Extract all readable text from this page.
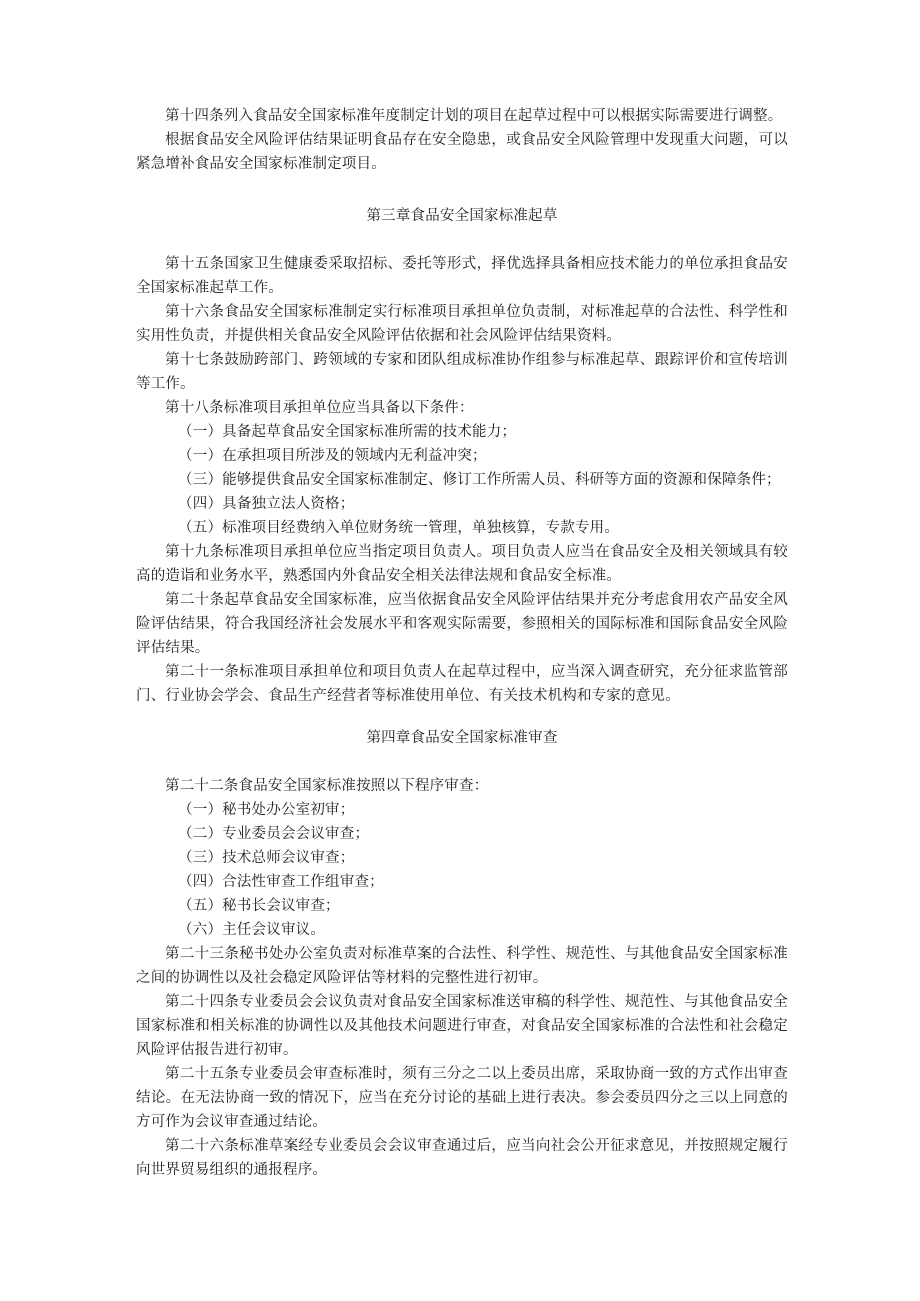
第十四条列入食品安全国家标准年度制定计划的项目在起草过程中可以根据实际需要进行调整。

根据食品安全风险评估结果证明食品存在安全隐患，或食品安全风险管理中发现重大问题，可以紧急增补食品安全国家标准制定项目。

第三章食品安全国家标准起草

第十五条国家卫生健康委采取招标、委托等形式，择优选择具备相应技术能力的单位承担食品安全国家标准起草工作。

第十六条食品安全国家标准制定实行标准项目承担单位负责制，对标准起草的合法性、科学性和实用性负责，并提供相关食品安全风险评估依据和社会风险评估结果资料。

第十七条鼓励跨部门、跨领域的专家和团队组成标准协作组参与标准起草、跟踪评价和宣传培训等工作。

第十八条标准项目承担单位应当具备以下条件：

（一）具备起草食品安全国家标准所需的技术能力；

（一）在承担项目所涉及的领域内无利益冲突；

（三）能够提供食品安全国家标准制定、修订工作所需人员、科研等方面的资源和保障条件；

（四）具备独立法人资格；

（五）标准项目经费纳入单位财务统一管理，单独核算，专款专用。

第十九条标准项目承担单位应当指定项目负责人。项目负责人应当在食品安全及相关领域具有较高的造诣和业务水平，熟悉国内外食品安全相关法律法规和食品安全标准。

第二十条起草食品安全国家标准，应当依据食品安全风险评估结果并充分考虑食用农产品安全风险评估结果，符合我国经济社会发展水平和客观实际需要，参照相关的国际标准和国际食品安全风险评估结果。

第二十一条标准项目承担单位和项目负责人在起草过程中，应当深入调查研究，充分征求监管部门、行业协会学会、食品生产经营者等标准使用单位、有关技术机构和专家的意见。

第四章食品安全国家标准审查

第二十二条食品安全国家标准按照以下程序审查：

（一）秘书处办公室初审；

（二）专业委员会会议审查；

（三）技术总师会议审查；

（四）合法性审查工作组审查；

（五）秘书长会议审查；

（六）主任会议审议。

第二十三条秘书处办公室负责对标准草案的合法性、科学性、规范性、与其他食品安全国家标准之间的协调性以及社会稳定风险评估等材料的完整性进行初审。

第二十四条专业委员会会议负责对食品安全国家标准送审稿的科学性、规范性、与其他食品安全国家标准和相关标准的协调性以及其他技术问题进行审查，对食品安全国家标准的合法性和社会稳定风险评估报告进行初审。

第二十五条专业委员会审查标准时，须有三分之二以上委员出席，采取协商一致的方式作出审查结论。在无法协商一致的情况下，应当在充分讨论的基础上进行表决。参会委员四分之三以上同意的方可作为会议审查通过结论。

第二十六条标准草案经专业委员会会议审查通过后，应当向社会公开征求意见，并按照规定履行向世界贸易组织的通报程序。
